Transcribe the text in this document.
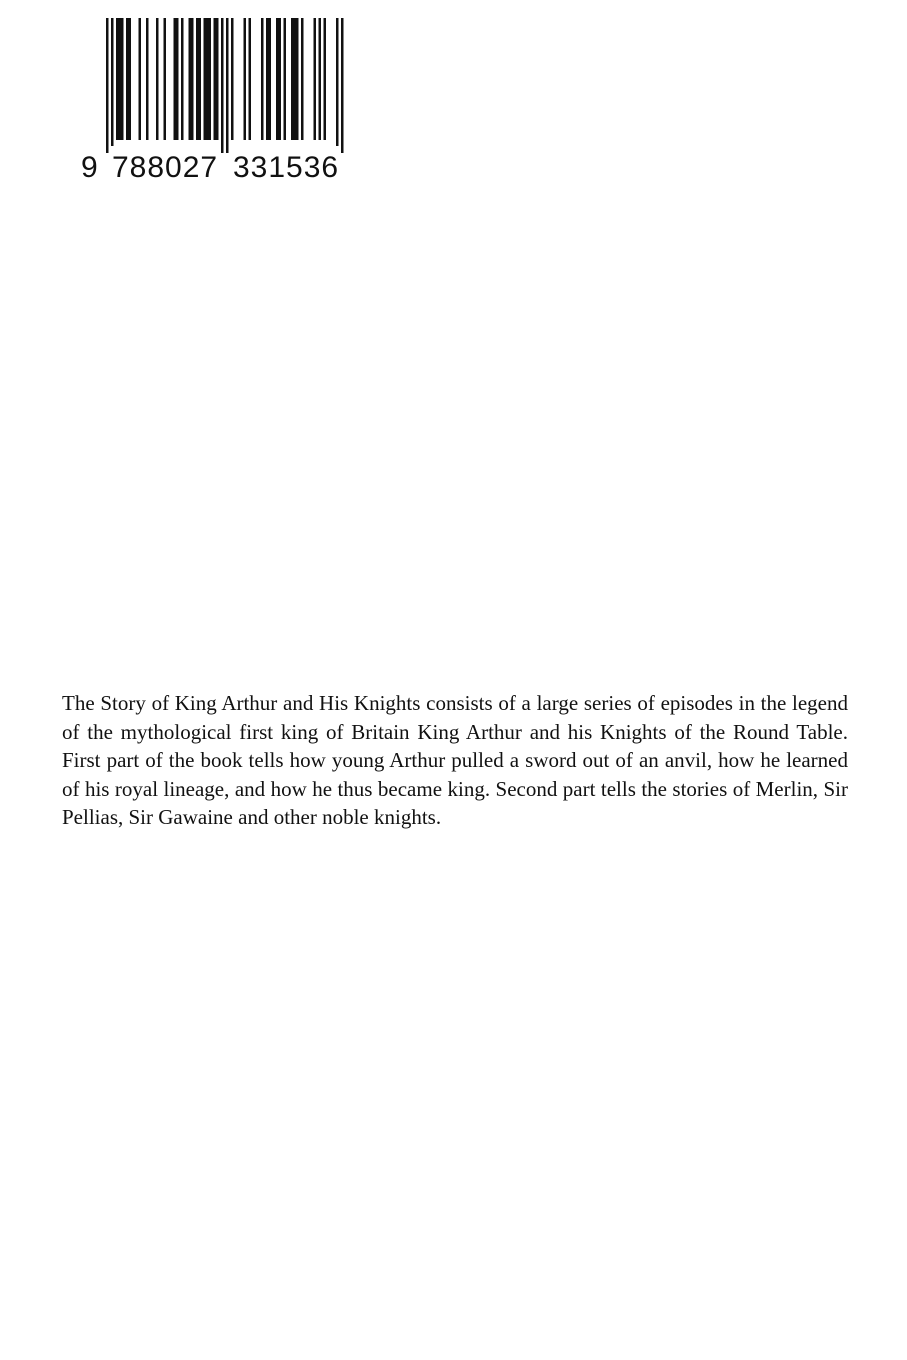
9 788027 331536

The Story of King Arthur and His Knights consists of a large series of episodes in the legend of the mythological first king of Britain King Arthur and his Knights of the Round Table. First part of the book tells how young Arthur pulled a sword out of an anvil, how he learned of his royal lineage, and how he thus became king. Second part tells the stories of Merlin, Sir Pellias, Sir Gawaine and other noble knights.
